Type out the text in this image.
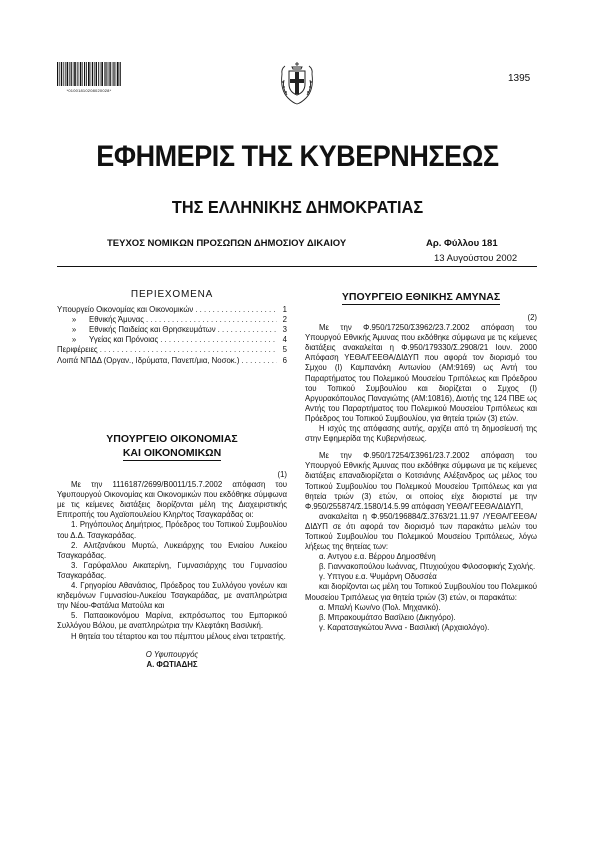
*01001810208020028*
1395
ΕΦΗΜΕΡΙΣ ΤΗΣ ΚΥΒΕΡΝΗΣΕΩΣ
ΤΗΣ ΕΛΛΗΝΙΚΗΣ ΔΗΜΟΚΡΑΤΙΑΣ
ΤΕΥΧΟΣ ΝΟΜΙΚΩΝ ΠΡΟΣΩΠΩΝ ΔΗΜΟΣΙΟΥ ΔΙΚΑΙΟΥ	Αρ. Φύλλου 181
13 Αυγούστου 2002
ΠΕΡΙΕΧΟΜΕΝΑ
Υπουργείο Οικονομίας και Οικονομικών . . .	1
»	Εθνικής Άμυνας . . .	2
»	Εθνικής Παιδείας και Θρησκευμάτων . . .	3
»	Υγείας και Πρόνοιας . . .	4
Περιφέρειες . . .	5
Λοιπά ΝΠΔΔ (Οργαν., Ιδρύματα, Πανεπ/μια, Νοσοκ.) . . .	6
ΥΠΟΥΡΓΕΙΟ ΟΙΚΟΝΟΜΙΑΣ
ΚΑΙ ΟΙΚΟΝΟΜΙΚΩΝ
(1)

Με την 1116187/2699/Β0011/15.7.2002 απόφαση του Υφυπουργού Οικονομίας και Οικονομικών που εκδόθηκε σύμφωνα με τις κείμενες διατάξεις διορίζονται μέλη της Διαχειριστικής Επιτροπής του Αχαϊοπουλείου Κληρ/τος Τσαγκαράδας οι:

1. Ρηγόπουλος Δημήτριος, Πρόεδρος του Τοπικού Συμβουλίου του Δ.Δ. Τσαγκαράδας.

2. Αλιτζανάκου Μυρτώ, Λυκειάρχης του Ενιαίου Λυκείου Τσαγκαράδας.

3. Γαρύφαλλου Αικατερίνη, Γυμνασιάρχης του Γυμνασίου Τσαγκαράδας.

4. Γρηγορίου Αθανάσιος, Πρόεδρος του Συλλόγου γονέων και κηδεμόνων Γυμνασίου-Λυκείου Τσαγκαράδας, με αναπληρώτρια την Νέου-Φατάλια Ματούλα και

5. Παπαοικονόμου Μαρίνα, εκπρόσωπος του Εμπορικού Συλλόγου Βόλου, με αναπληρώτρια την Κλεφτάκη Βασιλική.

Η θητεία του τέταρτου και του πέμπτου μέλους είναι τετραετής.

Ο Υφυπουργός
Α. ΦΩΤΙΑΔΗΣ
ΥΠΟΥΡΓΕΙΟ ΕΘΝΙΚΗΣ ΑΜΥΝΑΣ
(2)

Με την Φ.950/17250/Σ3962/23.7.2002 απόφαση του Υπουργού Εθνικής Άμυνας που εκδόθηκε σύμφωνα με τις κείμενες διατάξεις ανακαλείται η Φ.950/179330/Σ.2908/21 Ιουν. 2000 Απόφαση ΥΕΘΑ/ΓΕΕΘΑ/ΔΙΔΥΠ που αφορά τον διορισμό του Σμχου (Ι) Καμπανάκη Αντωνίου (ΑΜ:9169) ως Αντή του Παραρτήματος του Πολεμικού Μουσείου Τριπόλεως και Πρόεδρου του Τοπικού Συμβουλίου και διορίζεται ο Σμχος (Ι) Αργυρακόπουλος Παναγιώτης (ΑΜ:10816), Διοτής της 124 ΠΒΕ ως Αντής του Παραρτήματος του Πολεμικού Μουσείου Τριπόλεως και Πρόεδρος του Τοπικού Συμβουλίου, για θητεία τριών (3) ετών.

Η ισχύς της απόφασης αυτής, αρχίζει από τη δημοσίευσή της στην Εφημερίδα της Κυβερνήσεως.

Με την Φ.950/17254/Σ3961/23.7.2002 απόφαση του Υπουργού Εθνικής Άμυνας που εκδόθηκε σύμφωνα με τις κείμενες διατάξεις επαναδιορίζεται ο Κοτσιάνης Αλέξανδρος ως μέλος του Τοπικού Συμβουλίου του Πολεμικού Μουσείου Τριπόλεως και για θητεία τριών (3) ετών, οι οποίος είχε διοριστεί με την Φ.950/255874/Σ.1580/14.5.99 απόφαση ΥΕΘΑ/ΓΕΕΘΑ/ΔΙΔΥΠ,

ανακαλείται η Φ.950/196884/Σ.3763/21.11.97 /ΥΕΘΑ/ΓΕΕΘΑ/ΔΙΔΥΠ σε ότι αφορά τον διορισμό των παρακάτω μελών του Τοπικού Συμβουλίου του Πολεμικού Μουσείου Τριπόλεως, λόγω λήξεως της θητείας των:

α. Αντγου ε.α. Βέρρου Δημοσθένη

β. Γιαννακοπούλου Ιωάννας, Πτυχιούχου Φιλοσοφικής Σχολής.

γ. Υπτγου ε.α. Ψυμάρνη Οδυσσέα

και διορίζονται ως μέλη του Τοπικού Συμβουλίου του Πολεμικού Μουσείου Τριπόλεως για θητεία τριών (3) ετών, οι παρακάτω:

α. Μπαλή Κων/νο (Πολ. Μηχανικό).

β. Μπρακουμάτσο Βασίλειο (Δικηγόρο).

γ. Καρατσαγκώτου Άννα - Βασιλική (Αρχαιολόγο).
